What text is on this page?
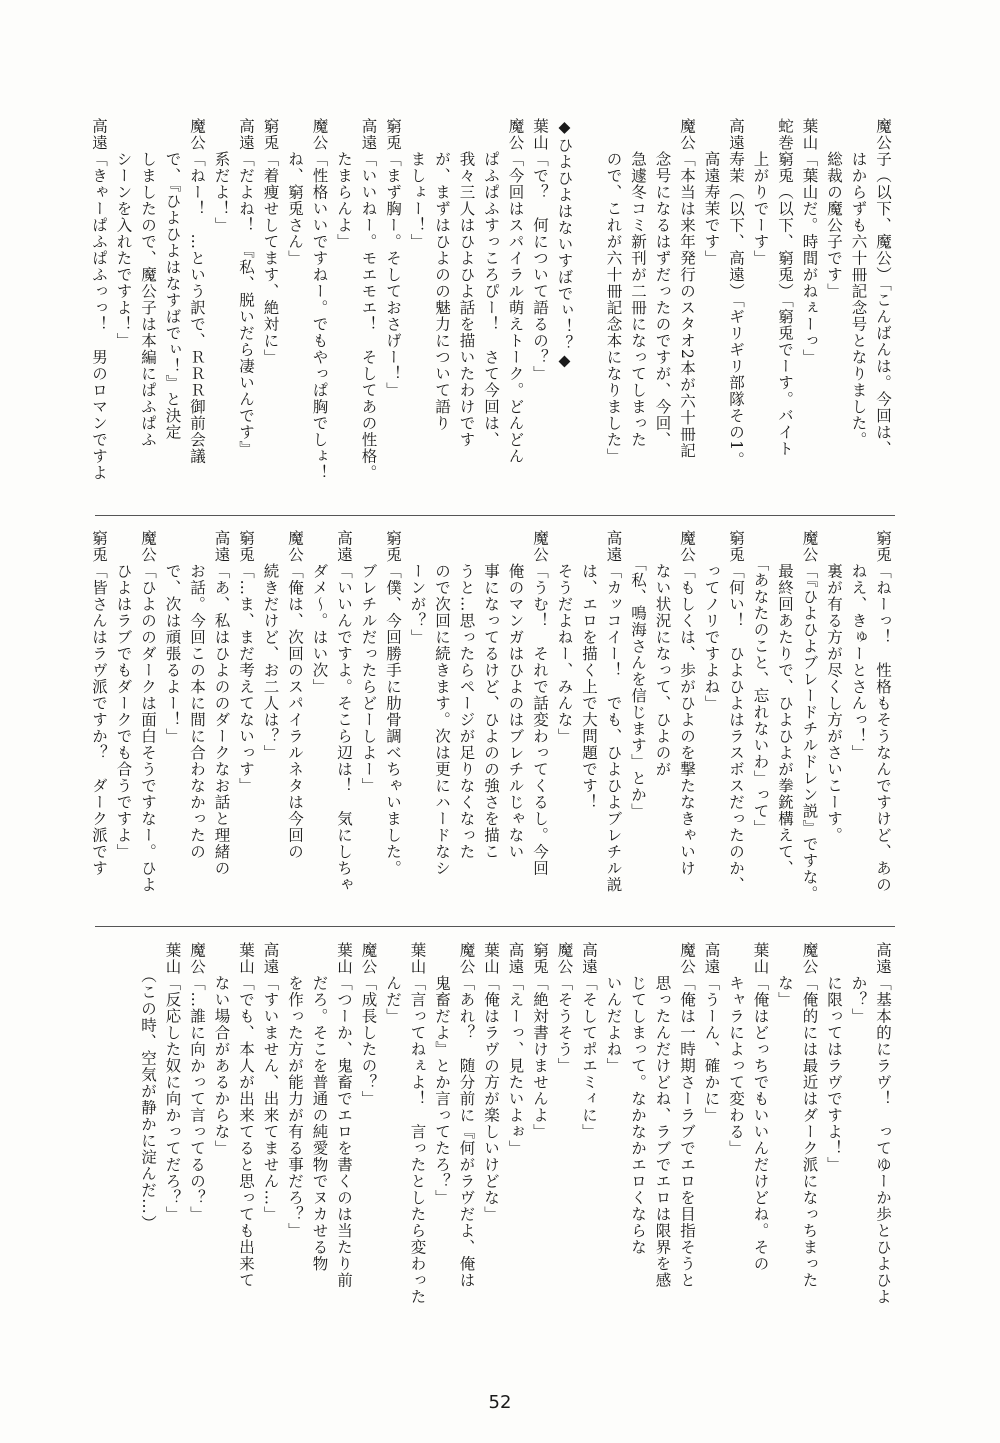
魔公子（以下、魔公）「こんばんは。今回は、
　　はからずも六十冊記念号となりました。
　　総裁の魔公子です」
葉山「葉山だ。時間がねぇーっ」
蛇巻窮兎（以下、窮兎）「窮兎でーす。バイト
　　上がりでーす」
高遠寿茉（以下、高遠）「ギリギリ部隊その1。
　　高遠寿茉です」
魔公「本当は来年発行のスタオ2本が六十冊記
　　念号になるはずだったのですが、今回、
　　急遽冬コミ新刊が二冊になってしまった
　　ので、これが六十冊記念本になりました」
◆ひよひよはないすばでぃ！？◆
葉山「で？　何について語るの？」
魔公「今回はスパイラル萌えトーク。どんどん
　　ぱふぱふすっころぴー！　さて今回は、
　　我々三人はひよひよ話を描いたわけです
　　が、まずはひよのの魅力について語り
　　ましょー！」
窮兎「まず胸ー。そしておさげー！」
高遠「いいねー。モエモエ！　そしてあの性格。
　　たまらんよ」
魔公「性格いいですねー。でもやっぱ胸でしょ！
　　ね、窮兎さん」
窮兎「着痩せしてます、絶対に」
高遠「だよね！　『私、脱いだら凄いんです』
　　系だよ！」
魔公「ねー！　…という訳で、ＲＲＲ御前会議
　　で、『ひよひよはなすばでぃ！』と決定
　　しましたので、魔公子は本編にぱふぱふ
　　シーンを入れたですよ！」
高遠「きゃーぱふぱふっっ！　男のロマンですよ
窮兎「ねーっ！　性格もそうなんですけど、あの
　　ねえ、きゅーとさんっ！」
　　裏が有る方が尽くし方がさいこーす。
魔公「『ひよひよブレードチルドレン説』ですな。
　　最終回あたりで、ひよひよが拳銃構えて、
　　「あなたのこと、忘れないわ」って」
窮兎「何い！　ひよひよはラスボスだったのか、
　　ってノリですよね」
魔公「もしくは、歩がひよのを撃たなきゃいけ
　　ない状況になって、ひよのが
　　「私、鳴海さんを信じます」とか」
高遠「カッコイー！　でも、ひよひよブレチル説
　　は、エロを描く上で大問題です！
　　そうだよねー、みんな」
魔公「うむ！　それで話変わってくるし。今回
　　俺のマンガはひよのはブレチルじゃない
　　事になってるけど、ひよのの強さを描こ
　　うと…思ったらページが足りなくなった
　　ので次回に続きます。次は更にハードなシ
　　ーンが？」
窮兎「僕、今回勝手に肋骨調べちゃいました。
　　ブレチルだったらどーしよー」
高遠「いいんですよ。そこら辺は！　気にしちゃ
　　ダメ～。はい次」
魔公「俺は、次回のスパイラルネタは今回の
　　続きだけど、お二人は？」
窮兎「…ま、まだ考えてないっす」
高遠「あ、私はひよののダークなお話と理緒の
　　お話。今回この本に間に合わなかったの
　　で、次は頑張るよー！」
魔公「ひよののダークは面白そうですなー。ひよ
　　ひよはラブでもダークでも合うですよ」
窮兎「皆さんはラヴ派ですか？　ダーク派です
高遠「基本的にラヴ！　ってゆーか歩とひよひよ
　　か？」
　　に限ってはラヴですよ！」
魔公「俺的には最近はダーク派になっちまった
　　な」
葉山「俺はどっちでもいいんだけどね。その
　　キャラによって変わる」
高遠「うーん、確かに」
魔公「俺は一時期さーラブでエロを目指そうと
　　思ったんだけどね、ラブでエロは限界を感
　　じてしまって。なかなかエロくならな
　　いんだよね」
高遠「そしてポエミィに」
魔公「そうそう」
窮兎「絶対書けませんよ」
高遠「えーっ、見たいよぉ」
葉山「俺はラヴの方が楽しいけどな」
魔公「あれ？　随分前に『何がラヴだよ、俺は
　　鬼畜だよ』とか言ってたろ？」
葉山「言ってねぇよ！　言ったとしたら変わった
　　んだ」
魔公「成長したの？」
葉山「つーか、鬼畜でエロを書くのは当たり前
　　だろ。そこを普通の純愛物でヌカせる物
　　を作った方が能力が有る事だろ？」
高遠「すいません、出来てません…」
葉山「でも、本人が出来てると思っても出来て
　　ない場合があるからな」
魔公「…誰に向かって言ってるの？」
葉山「反応した奴に向かってだろ？」
　　（この時、空気が静かに淀んだ…）
52
